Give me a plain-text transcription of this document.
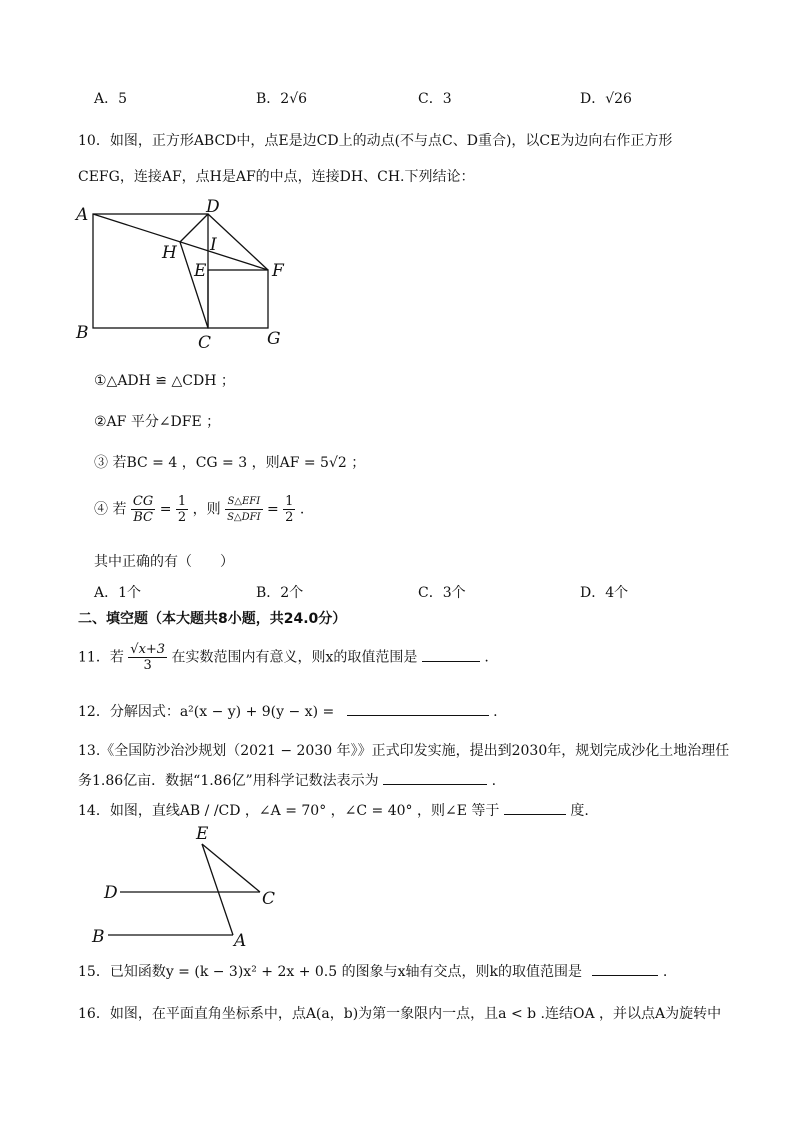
A．5	B．2√6	C．3	D．√26
10．如图，正方形ABCD中，点E是边CD上的动点(不与点C、D重合)，以CE为边向右作正方形
CEFG，连接AF，点H是AF的中点，连接DH、CH.下列结论：
A
B	C
D
E	F
G
H I
①△ADH ≌ △CDH ；
②AF 平分∠DFE ；
③ 若BC = 4 ，CG = 3 ，则AF = 5√2 ；
④ 若 $\frac{CG}{BC} = \frac{1}{2}$ ，则 $\frac{\text{S△EFI}}{\text{S△DFI}} = \frac{1}{2}$ .
其中正确的有（　　）
A．1个	B．2个	C．3个	D．4个
二、填空题（本大题共8小题，共24.0分）
11．若 $\frac{√x+3}{3}$ 在实数范围内有意义，则x的取值范围是	.
12．分解因式：a²(x − y) + 9(y − x) =	.
13.《全国防沙治沙规划（2021 − 2030 年》》正式印发实施，提出到2030年，规划完成沙化土地治理任
务1.86亿亩．数据“1.86亿”用科学记数法表示为	.
14．如图，直线AB / /CD ，∠A = 70° ，∠C = 40° ，则∠E 等于	度.
E
D	C
B	A
15．已知函数y = (k − 3)x² + 2x + 0.5 的图象与x轴有交点，则k的取值范围是	.
16．如图，在平面直角坐标系中，点A(a，b)为第一象限内一点，且a < b .连结OA ，并以点A为旋转中
